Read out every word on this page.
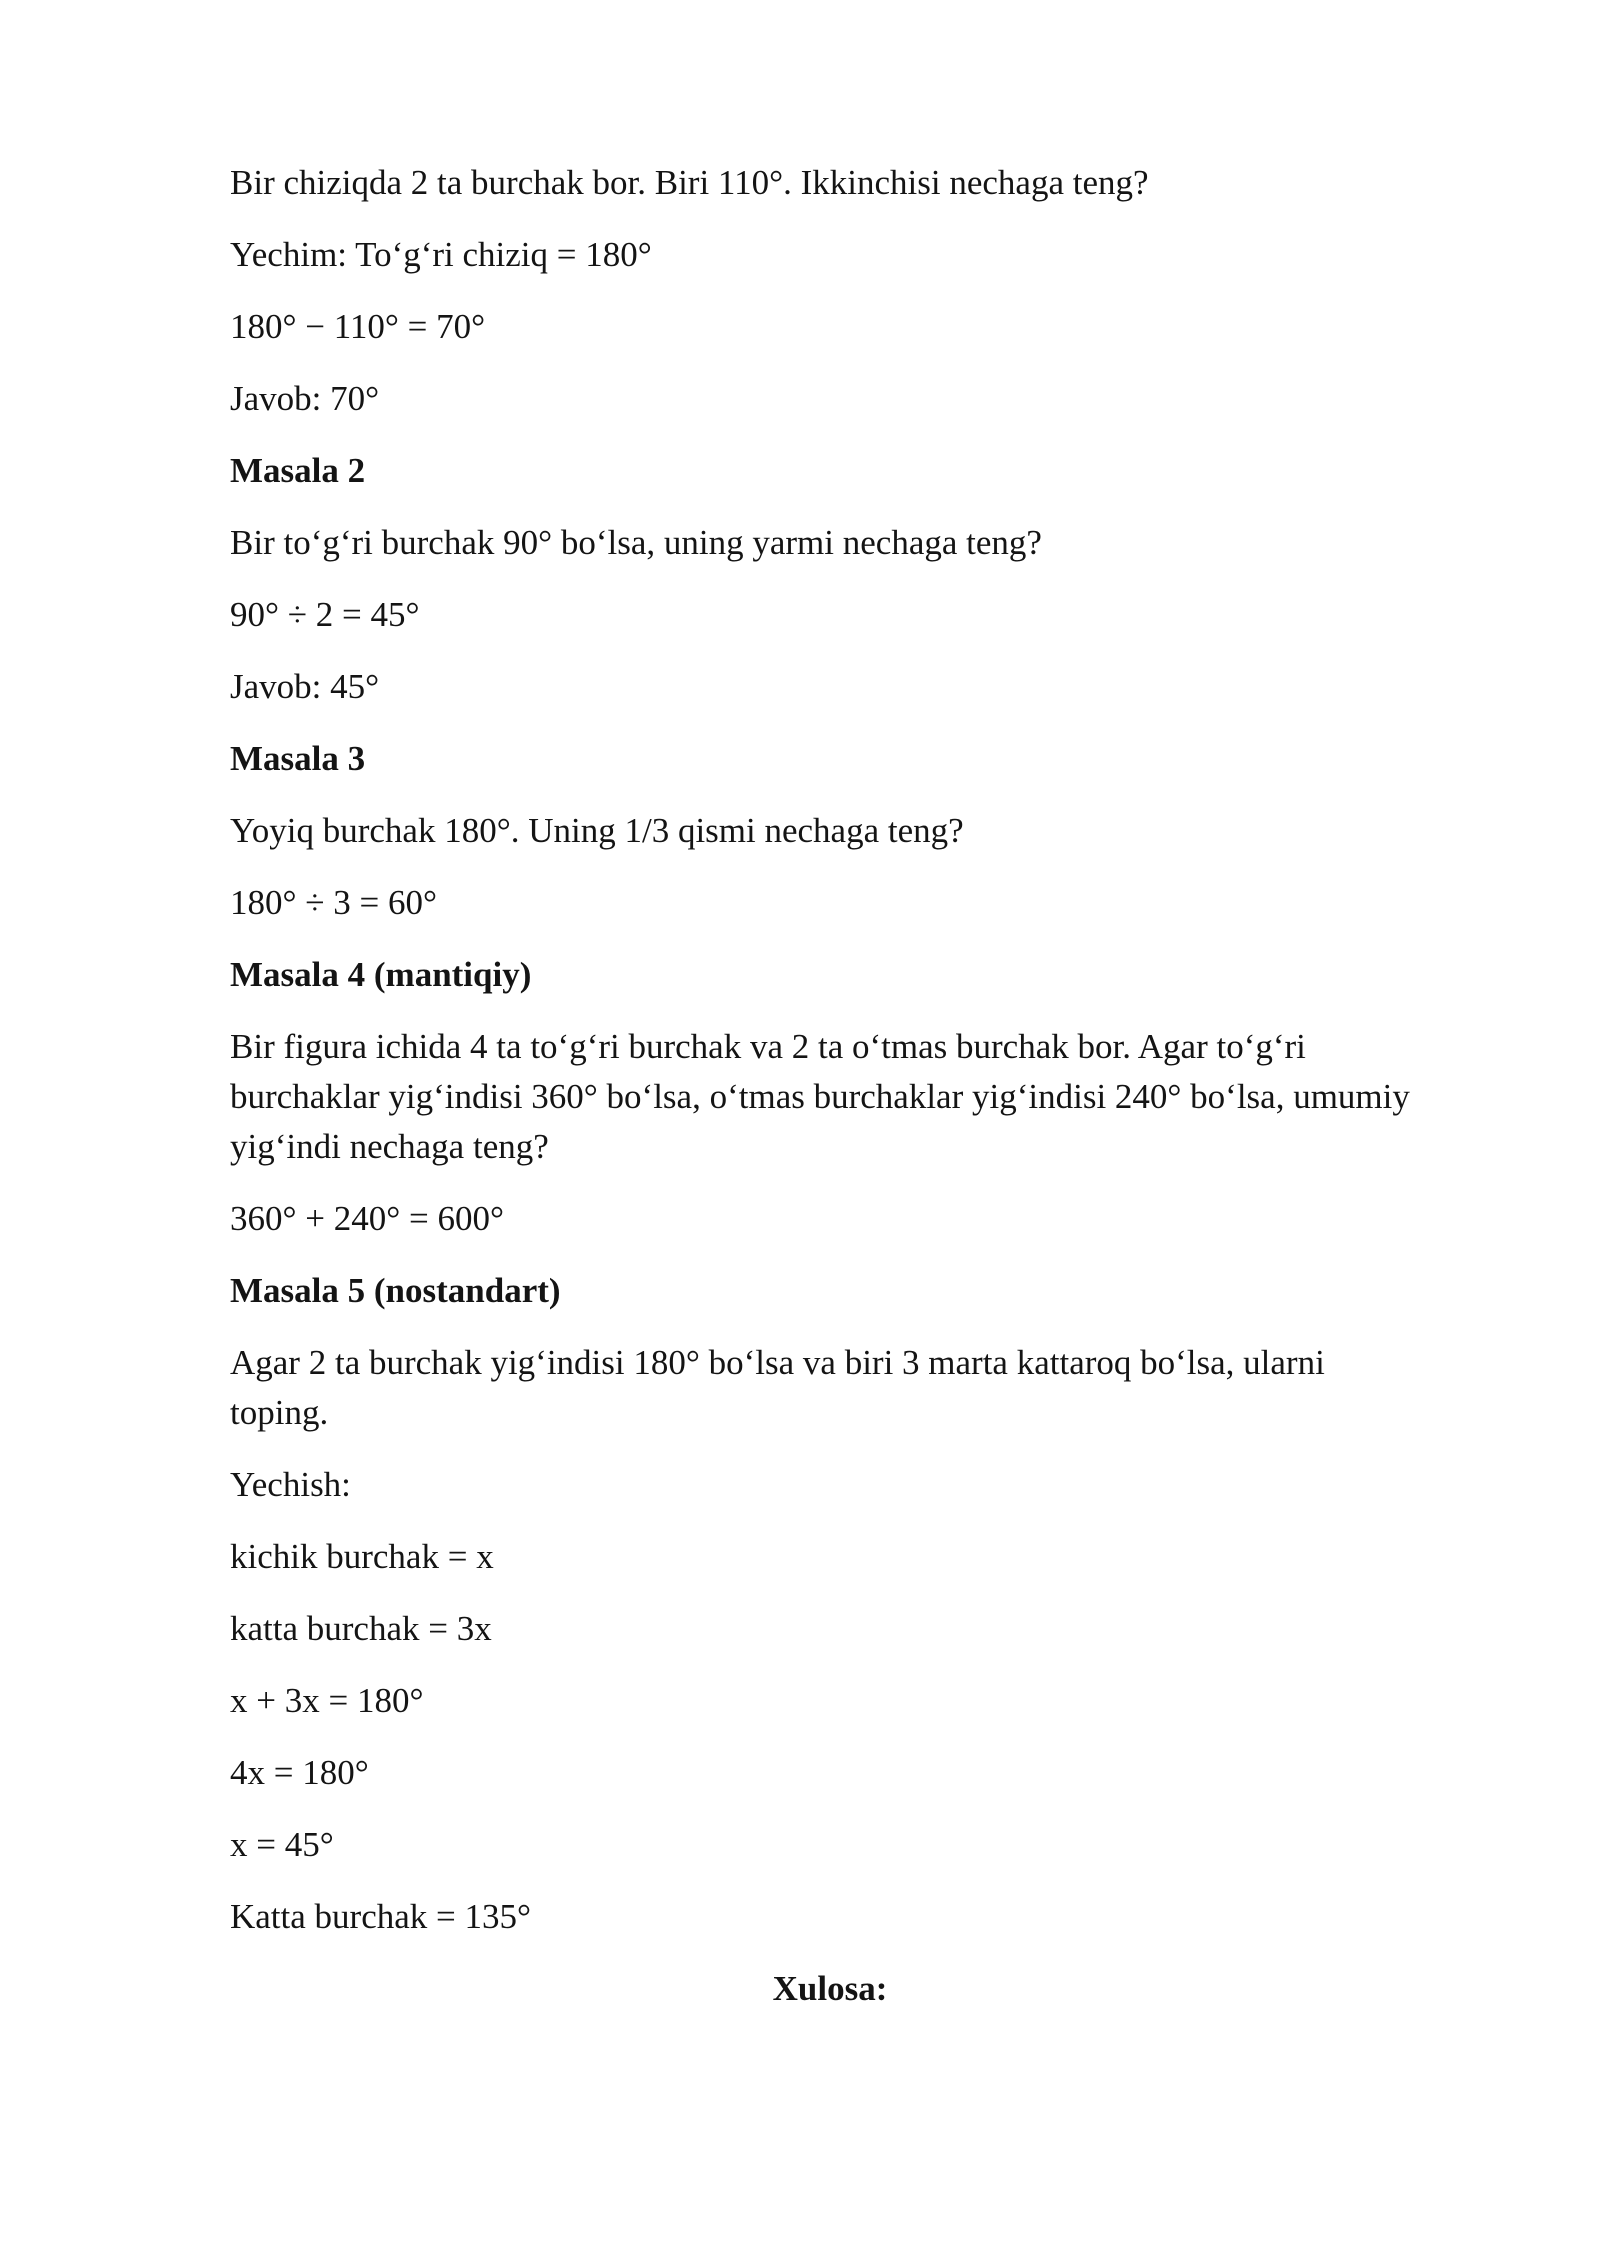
Bir chiziqda 2 ta burchak bor. Biri 110°. Ikkinchisi nechaga teng?

Yechim: To‘g‘ri chiziq = 180°

180° − 110° = 70°

Javob: 70°

Masala 2

Bir to‘g‘ri burchak 90° bo‘lsa, uning yarmi nechaga teng?

90° ÷ 2 = 45°

Javob: 45°

Masala 3

Yoyiq burchak 180°. Uning 1/3 qismi nechaga teng?

180° ÷ 3 = 60°

Masala 4 (mantiqiy)

Bir figura ichida 4 ta to‘g‘ri burchak va 2 ta o‘tmas burchak bor. Agar to‘g‘ri burchaklar yig‘indisi 360° bo‘lsa, o‘tmas burchaklar yig‘indisi 240° bo‘lsa, umumiy yig‘indi nechaga teng?

360° + 240° = 600°

Masala 5 (nostandart)

Agar 2 ta burchak yig‘indisi 180° bo‘lsa va biri 3 marta kattaroq bo‘lsa, ularni toping.

Yechish:

kichik burchak = x

katta burchak = 3x

x + 3x = 180°

4x = 180°

x = 45°

Katta burchak = 135°

Xulosa:
